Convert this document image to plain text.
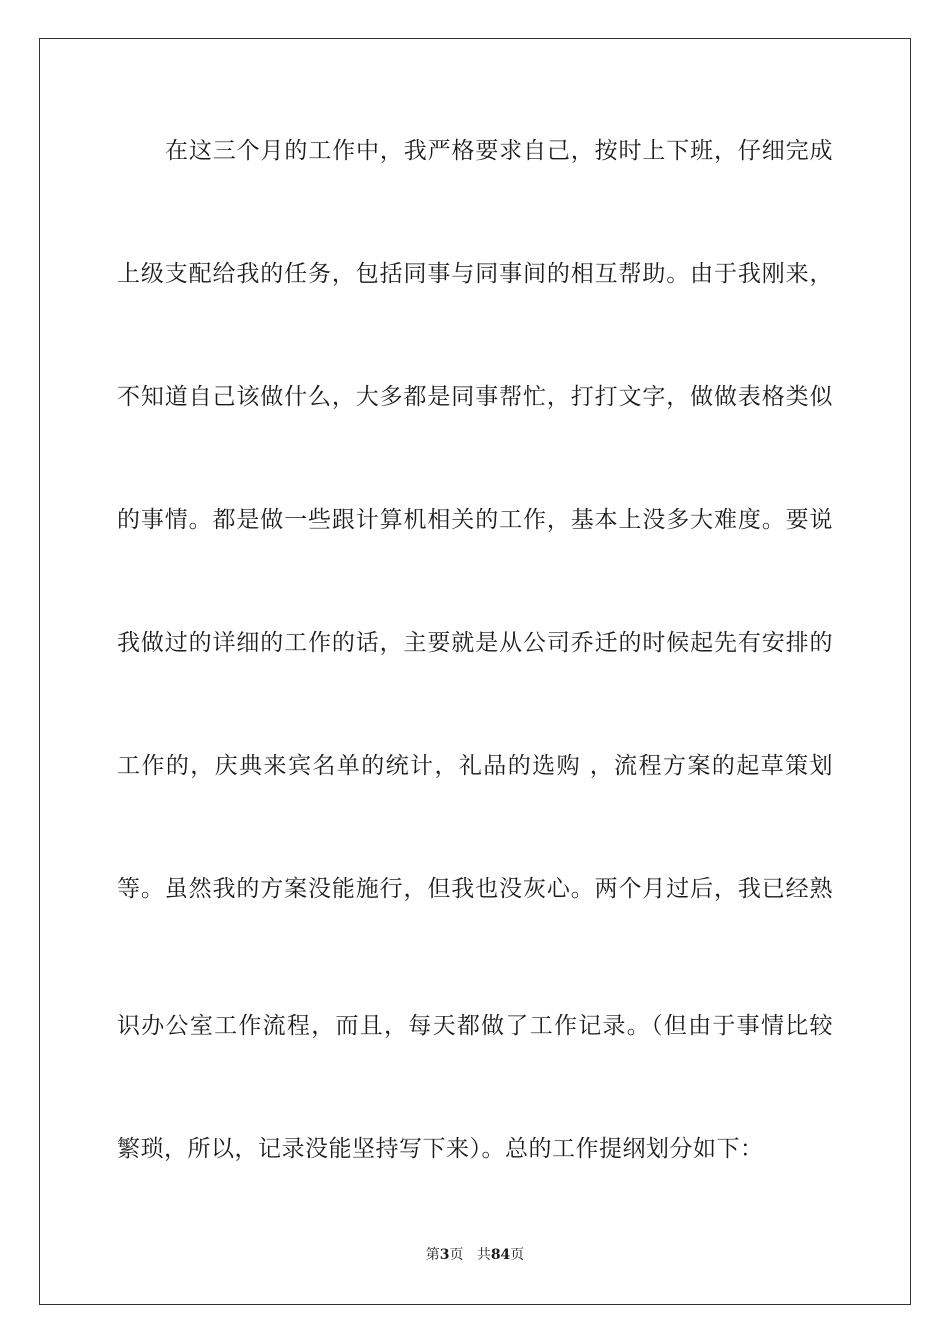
在这三个月的工作中，我严格要求自己，按时上下班，仔细完成
上级支配给我的任务，包括同事与同事间的相互帮助。由于我刚来，
不知道自己该做什么，大多都是同事帮忙，打打文字，做做表格类似
的事情。都是做一些跟计算机相关的工作，基本上没多大难度。要说
我做过的详细的工作的话，主要就是从公司乔迁的时候起先有安排的
工作的，庆典来宾名单的统计，礼品的选购 ，流程方案的起草策划
等。虽然我的方案没能施行，但我也没灰心。两个月过后，我已经熟
识办公室工作流程，而且，每天都做了工作记录。（但由于事情比较
繁琐，所以，记录没能坚持写下来）。总的工作提纲划分如下：
第3页 共84页
